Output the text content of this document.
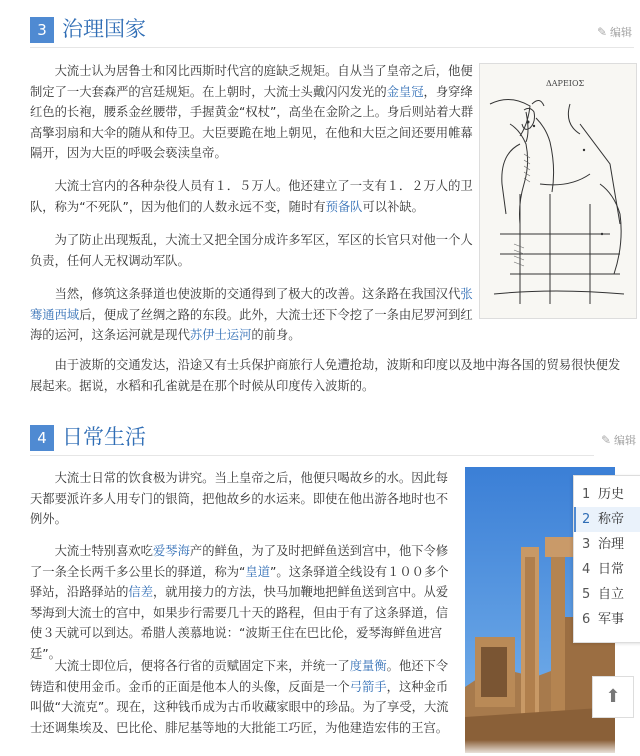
3 治理国家	✎ 编辑

大流士认为居鲁士和冈比西斯时代宫的庭缺乏规矩。自从当了皇帝之后，他便制定了一大套森严的宫廷规矩。在上朝时，大流士头戴闪闪发光的金皇冠，身穿绛红色的长袍，腰系金丝腰带，手握黄金“权杖”，高坐在金阶之上。身后则站着大群高擎羽扇和大伞的随从和侍卫。大臣要跪在地上朝见，在他和大臣之间还要用帷幕隔开，因为大臣的呼吸会亵渎皇帝。

大流士宫内的各种杂役人员有１．５万人。他还建立了一支有１．２万人的卫队，称为“不死队”，因为他们的人数永远不变，随时有预备队可以补缺。

为了防止出现叛乱，大流士又把全国分成许多军区，军区的长官只对他一个人负责，任何人无权调动军队。

当然，修筑这条驿道也使波斯的交通得到了极大的改善。这条路在我国汉代张骞通西域后，便成了丝绸之路的东段。此外，大流士还下令挖了一条由尼罗河到红海的运河，这条运河就是现代苏伊士运河的前身。

由于波斯的交通发达，沿途又有士兵保护商旅行人免遭抢劫，波斯和印度以及地中海各国的贸易很快便发展起来。据说，水稻和孔雀就是在那个时候从印度传入波斯的。

ΔΑΡΕΙΟΣ
4 日常生活	✎ 编辑

大流士日常的饮食极为讲究。当上皇帝之后，他便只喝故乡的水。因此每天都要派许多人用专门的银筒，把他故乡的水运来。即使在他出游各地时也不例外。

大流士特别喜欢吃爱琴海产的鲜鱼，为了及时把鲜鱼送到宫中，他下令修了一条全长两千多公里长的驿道，称为“皇道”。这条驿道全线设有１００多个驿站，沿路驿站的信差，就用接力的方法，快马加鞭地把鲜鱼送到宫中。从爱琴海到大流士的宫中，如果步行需要几十天的路程，但由于有了这条驿道，信使３天就可以到达。希腊人羡慕地说：“波斯王住在巴比伦，爱琴海鲜鱼进宫廷”。

大流士即位后，便将各行省的贡赋固定下来，并统一了度量衡。他还下令铸造和使用金币。金币的正面是他本人的头像，反面是一个弓箭手，这种金币叫做“大流克”。现在，这种钱币成为古币收藏家眼中的珍品。为了享受，大流士还调集埃及、巴比伦、腓尼基等地的大批能工巧匠，为他建造宏伟的王宫。

1 历史
2 称帝
3 治理
4 日常
5 自立
6 军事
⬆
